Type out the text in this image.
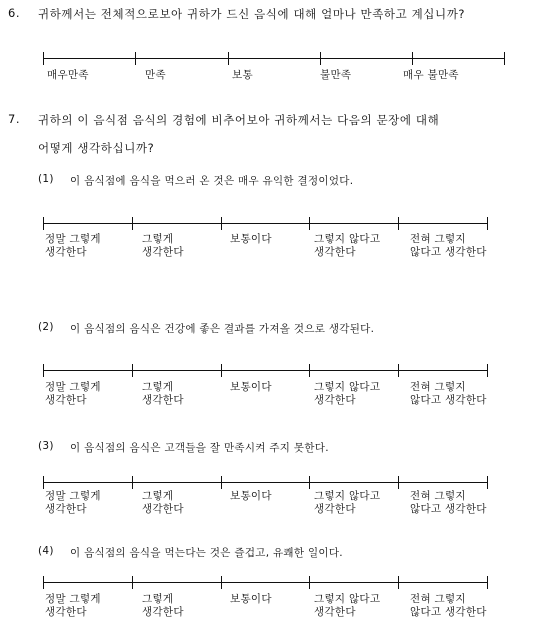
6. 귀하께서는 전체적으로보아 귀하가 드신 음식에 대해 얼마나 만족하고 계십니까?
매우만족	만족	보통	불만족	매우 불만족
7. 귀하의 이 음식점 음식의 경험에 비추어보아 귀하께서는 다음의 문장에 대해
어떻게 생각하십니까?
(1) 이 음식점에 음식을 먹으러 온 것은 매우 유익한 결정이었다.
정말 그렇게
생각한다
그렇게
생각한다
보통이다	그렇지 않다고
생각한다
전혀 그렇지
않다고 생각한다
(2) 이 음식점의 음식은 건강에 좋은 결과를 가져올 것으로 생각된다.
정말 그렇게
생각한다
그렇게
생각한다
보통이다	그렇지 않다고
생각한다
전혀 그렇지
않다고 생각한다
(3) 이 음식점의 음식은 고객들을 잘 만족시켜 주지 못한다.
정말 그렇게
생각한다
그렇게
생각한다
보통이다	그렇지 않다고
생각한다
전혀 그렇지
않다고 생각한다
(4) 이 음식점의 음식을 먹는다는 것은 즐겁고, 유쾌한 일이다.
정말 그렇게
생각한다
그렇게
생각한다
보통이다	그렇지 않다고
생각한다
전혀 그렇지
않다고 생각한다
